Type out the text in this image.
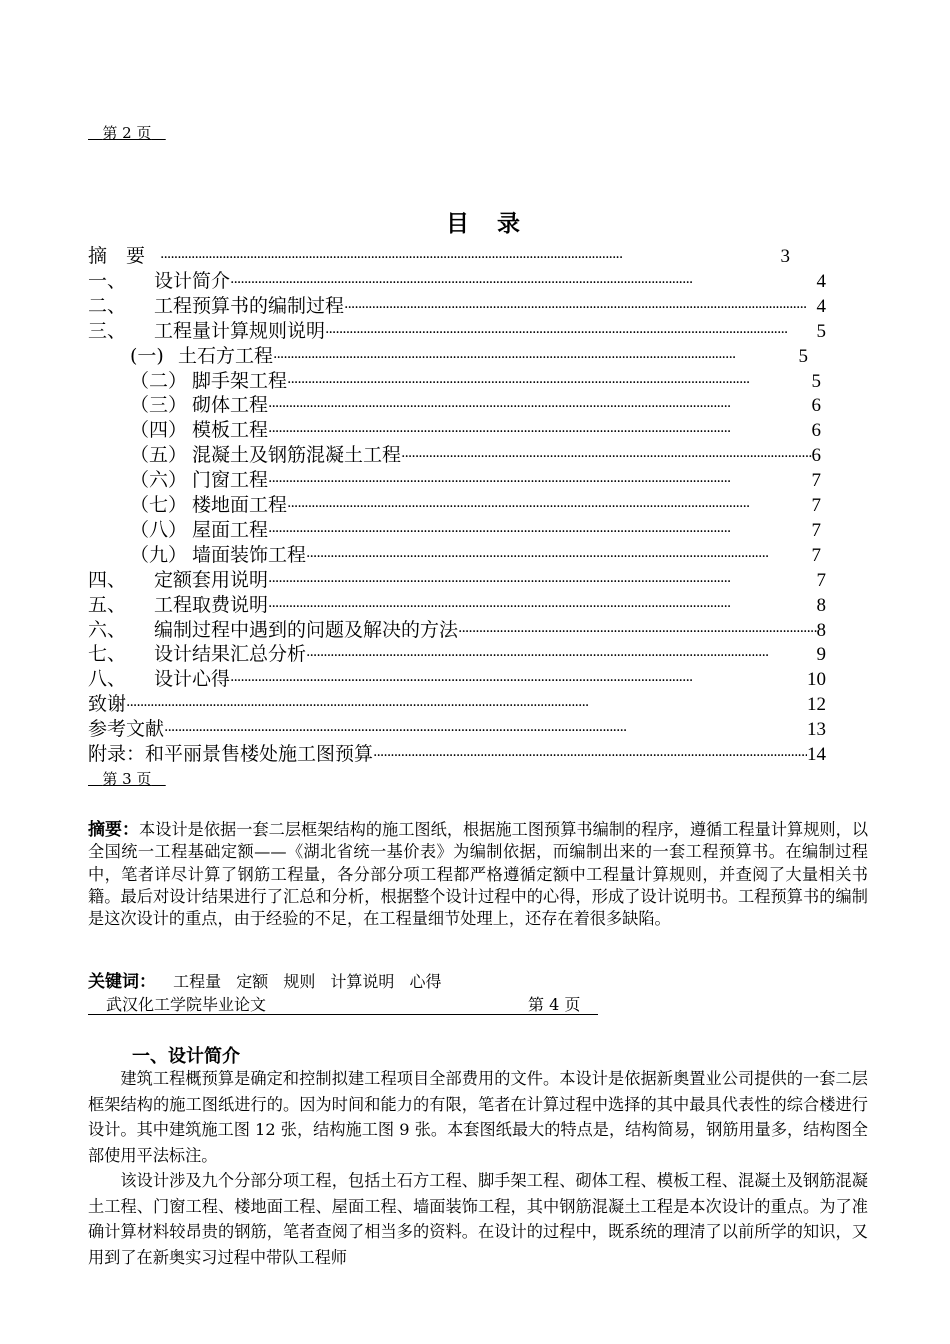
第 2 页
目 录
摘　要 ·····	3
一、	设计简介 ·····	4
二、	工程预算书的编制过程 ·····	4
三、	工程量计算规则说明 ·····	5
(一) 土石方工程 ·····	5
（二） 脚手架工程 ·····	5
（三） 砌体工程 ·····	6
（四） 模板工程 ·····	6
（五） 混凝土及钢筋混凝土工程 ·····	6
（六） 门窗工程 ·····	7
（七） 楼地面工程 ·····	7
（八） 屋面工程 ·····	7
（九） 墙面装饰工程 ·····	7
四、	定额套用说明 ·····	7
五、	工程取费说明 ·····	8
六、	编制过程中遇到的问题及解决的方法 ·····	8
七、	设计结果汇总分析 ·····	9
八、	设计心得 ·····	10
致谢 ·····	12
参考文献 ·····	13
附录：和平丽景售楼处施工图预算 ·····	14
第 3 页
摘要：本设计是依据一套二层框架结构的施工图纸，根据施工图预算书编制的程序，遵循工程量计算规则，以全国统一工程基础定额——《湖北省统一基价表》为编制依据，而编制出来的一套工程预算书。在编制过程中，笔者详尽计算了钢筋工程量，各分部分项工程都严格遵循定额中工程量计算规则，并查阅了大量相关书籍。最后对设计结果进行了汇总和分析，根据整个设计过程中的心得，形成了设计说明书。工程预算书的编制是这次设计的重点，由于经验的不足，在工程量细节处理上，还存在着很多缺陷。
关键词： 工程量 定额 规则 计算说明 心得
武汉化工学院毕业论文	第 4 页
一、设计简介
建筑工程概预算是确定和控制拟建工程项目全部费用的文件。本设计是依据新奥置业公司提供的一套二层框架结构的施工图纸进行的。因为时间和能力的有限，笔者在计算过程中选择的其中最具代表性的综合楼进行设计。其中建筑施工图 12 张，结构施工图 9 张。本套图纸最大的特点是，结构简易，钢筋用量多，结构图全部使用平法标注。
该设计涉及九个分部分项工程，包括土石方工程、脚手架工程、砌体工程、模板工程、混凝土及钢筋混凝土工程、门窗工程、楼地面工程、屋面工程、墙面装饰工程，其中钢筋混凝土工程是本次设计的重点。为了准确计算材料较昂贵的钢筋，笔者查阅了相当多的资料。在设计的过程中，既系统的理清了以前所学的知识，又用到了在新奥实习过程中带队工程师
